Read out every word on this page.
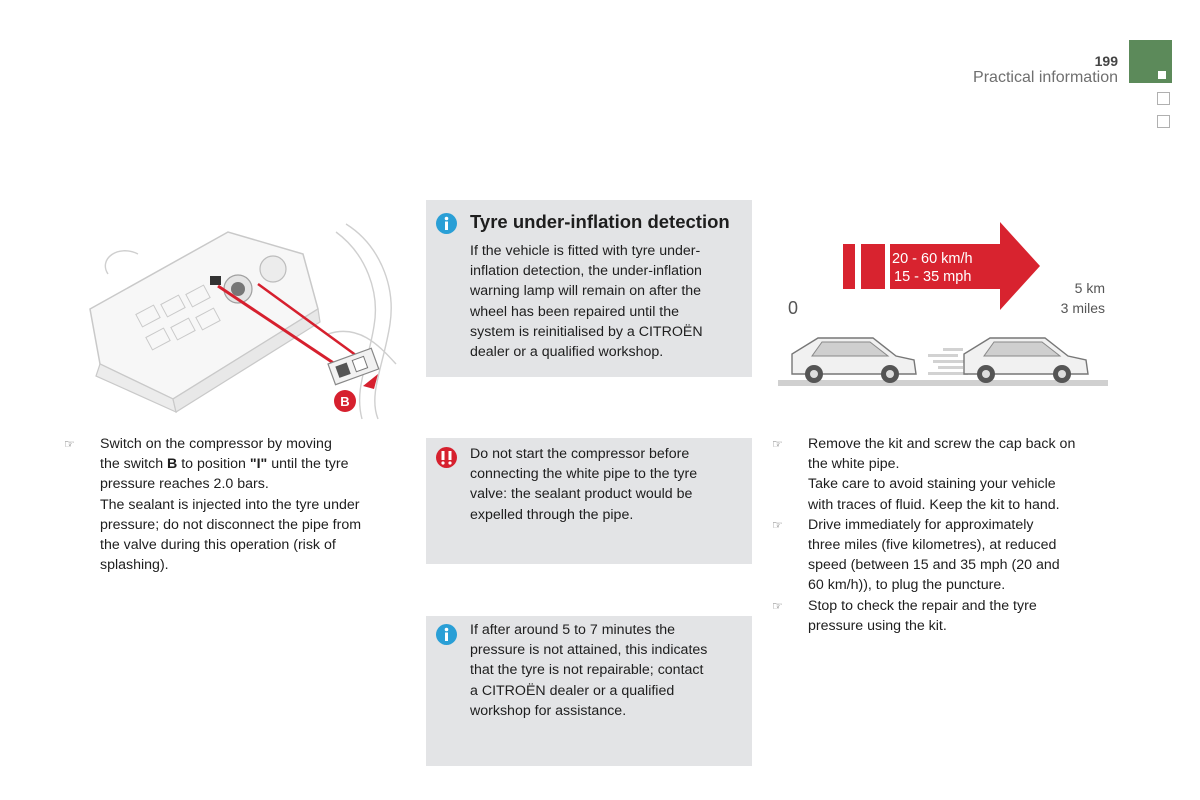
199
Practical information
B
Tyre under-inflation detection
If the vehicle is fitted with tyre under-
inflation detection, the under-inflation
warning lamp will remain on after the
wheel has been repaired until the
system is reinitialised by a CITROËN
dealer or a qualified workshop.
20 - 60 km/h
15 - 35 mph
0
5 km
3 miles
☞	Switch on the compressor by moving
the switch B to position "I" until the tyre
pressure reaches 2.0 bars.
The sealant is injected into the tyre under
pressure; do not disconnect the pipe from
the valve during this operation (risk of
splashing).
Do not start the compressor before
connecting the white pipe to the tyre
valve: the sealant product would be
expelled through the pipe.
If after around 5 to 7 minutes the
pressure is not attained, this indicates
that the tyre is not repairable; contact
a CITROËN dealer or a qualified
workshop for assistance.
☞	Remove the kit and screw the cap back on
the white pipe.
Take care to avoid staining your vehicle
with traces of fluid. Keep the kit to hand.
☞	Drive immediately for approximately
three miles (five kilometres), at reduced
speed (between 15 and 35 mph (20 and
60 km/h)), to plug the puncture.
☞	Stop to check the repair and the tyre
pressure using the kit.
